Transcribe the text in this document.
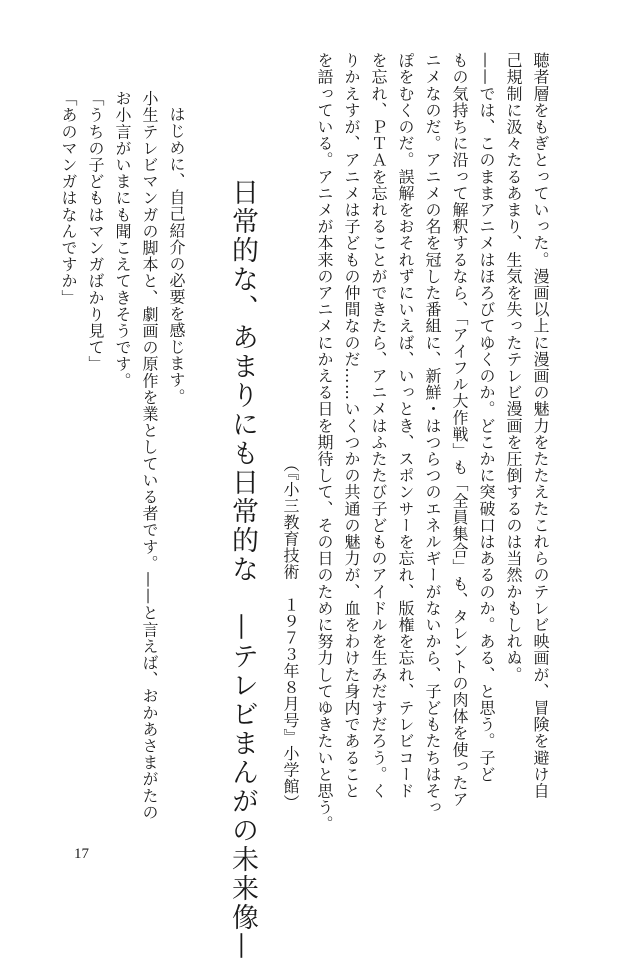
聴者層をもぎとっていった。漫画以上に漫画の魅力をたたえたこれらのテレビ映画が、冒険を避け自
己規制に汲々たるあまり、生気を失ったテレビ漫画を圧倒するのは当然かもしれぬ。
——では、このままアニメはほろびてゆくのか。どこかに突破口はあるのか。ある、と思う。子ど
もの気持ちに沿って解釈するなら、「アイフル大作戦」も「全員集合」も、タレントの肉体を使ったア
ニメなのだ。アニメの名を冠した番組に、新鮮・はつらつのエネルギーがないから、子どもたちはそっ
ぽをむくのだ。誤解をおそれずにいえば、いっとき、スポンサーを忘れ、版権を忘れ、テレビコード
を忘れ、ＰＴＡを忘れることができたら、アニメはふたたび子どものアイドルを生みだすだろう。く
りかえすが、アニメは子どもの仲間なのだ……いくつかの共通の魅力が、血をわけた身内であること
を語っている。アニメが本来のアニメにかえる日を期待して、その日のために努力してゆきたいと思う。
（『小三教育技術　１９７３年８月号』小学館）
日常的な、あまりにも日常的な　—テレビまんがの未来像—
はじめに、自己紹介の必要を感じます。
小生テレビマンガの脚本と、劇画の原作を業としている者です。——と言えば、おかあさまがたの
お小言がいまにも聞こえてきそうです。
「うちの子どもはマンガばかり見て」
「あのマンガはなんですか」
17
